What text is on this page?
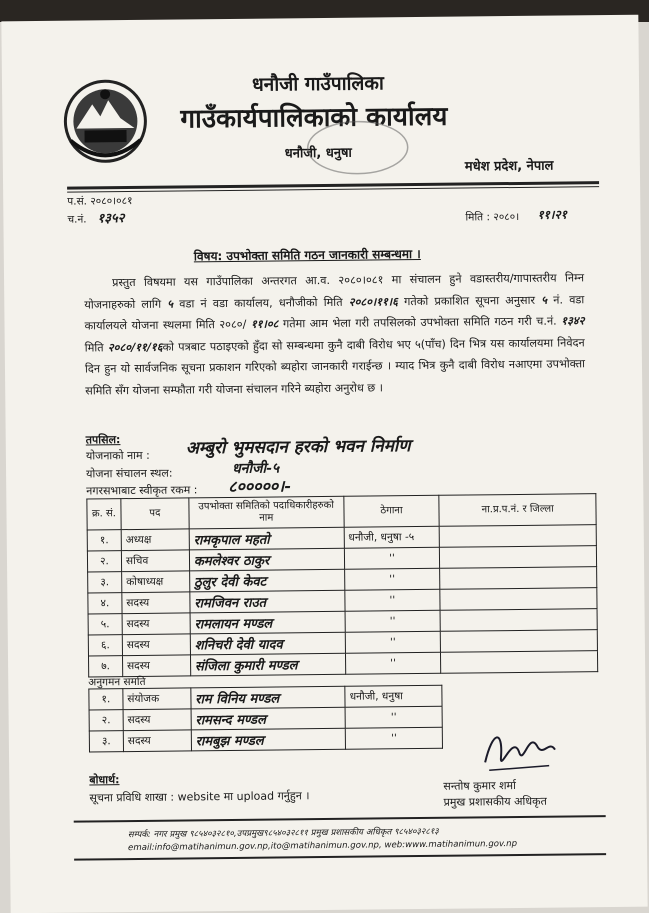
धनौजी गाउँपालिका
गाउँकार्यपालिकाको कार्यालय
धनौजी, धनुषा
मधेश प्रदेश, नेपाल
प.सं. २०८०।०८१
च.नं. १३५२	मिति : २०८०। ११।२१
विषय: उपभोक्ता समिति गठन जानकारी सम्बन्धमा ।
प्रस्तुत विषयमा यस गाउँपालिका अन्तरगत आ.व. २०८०।०८१ मा संचालन हुने वडास्तरीय/गापास्तरीय निम्न योजनाहरुको लागि ५ वडा नं वडा कार्यालय, धनौजीको मिति २०८०।११।६ गतेको प्रकाशित सूचना अनुसार ५ नं. वडा कार्यालयले योजना स्थलमा मिति २०८०/ ११।०८ गतेमा आम भेला गरी तपसिलको उपभोक्ता समिति गठन गरी च.नं. १३४२ मिति २०८०/११/१६को पत्रबाट पठाइएको हुँदा सो सम्बन्धमा कुनै दाबी विरोध भए ५(पाँच) दिन भित्र यस कार्यालयमा निवेदन दिन हुन यो सार्वजनिक सूचना प्रकाशन गरिएको ब्यहोरा जानकारी गराईन्छ । म्याद भित्र कुनै दाबी विरोध नआएमा उपभोक्ता समिति सँग योजना सम्फौता गरी योजना संचालन गरिने ब्यहोरा अनुरोध छ ।
तपसिल:
योजनाको नाम : अम्बुरो भुमसदान हरको भवन निर्माण
योजना संचालन स्थल:	धनौजी-५
नगरसभाबाट स्वीकृत रकम : ८०००००।-
क्र. सं.	पद	उपभोक्ता समितिको पदाधिकारीहरुको नाम	ठेगाना	ना.प्र.प.नं. र जिल्ला
१.	अध्यक्ष	रामकृपाल महतो	धनौजी, धनुषा -५	
२.	सचिव	कमलेश्वर ठाकुर	''	
३.	कोषाध्यक्ष	ठुलुर देवी केवट	''	
४.	सदस्य	रामजिवन राउत	''	
५.	सदस्य	रामलायन मण्डल	''	
६.	सदस्य	शनिचरी देवी यादव	''	
७.	सदस्य	संजिला कुमारी मण्डल	''	
अनुगमन समति
१.	संयोजक	राम विनिय मण्डल	धनौजी, धनुषा
२.	सदस्य	रामसन्द मण्डल	''
३.	सदस्य	रामबुझ मण्डल	''
बोधार्थ:
सूचना प्रविधि शाखा : website मा upload गर्नुहुन ।
सन्तोष कुमार शर्मा
प्रमुख प्रशासकीय अधिकृत
सम्पर्क: नगर प्रमुख ९८५४०३२८१०,उपप्रमुख९८५४०३२८११ प्रमुख प्रशासकीय अधिकृत ९८५४०३२८१३
email:info@matihanimun.gov.np,ito@matihanimun.gov.np, web:www.matihanimun.gov.np
